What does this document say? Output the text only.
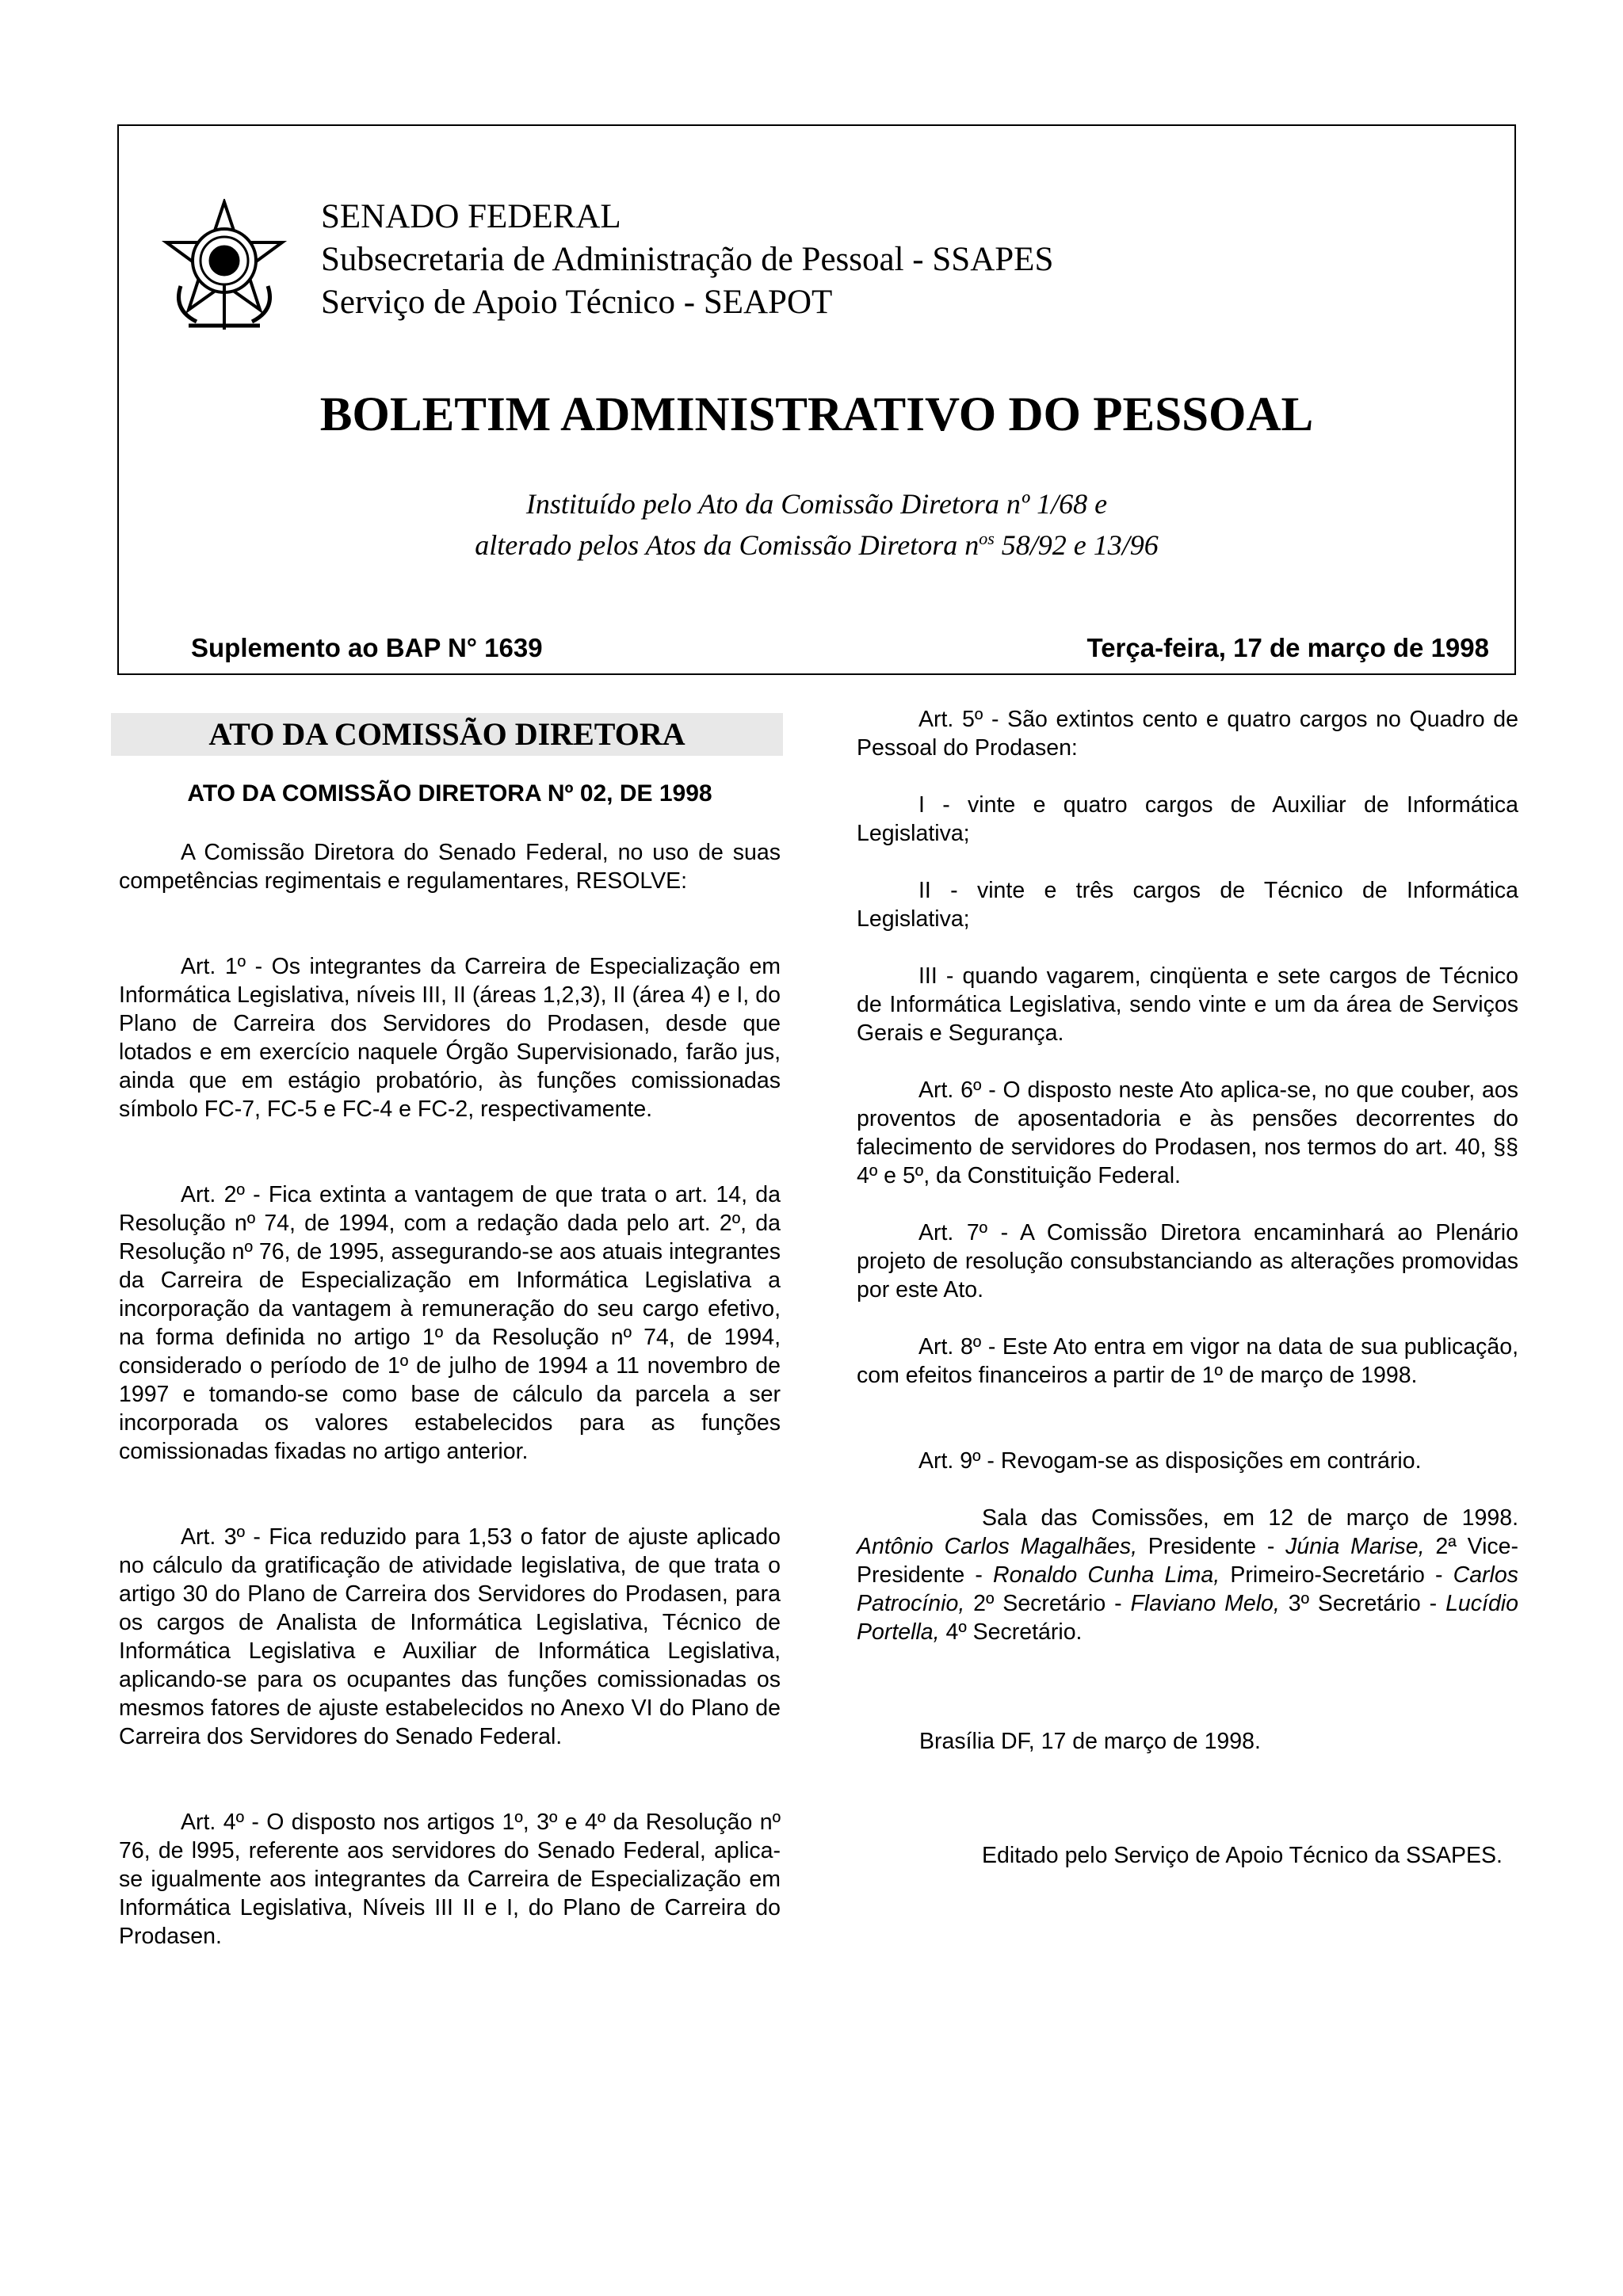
SENADO FEDERAL
Subsecretaria de Administração de Pessoal - SSAPES
Serviço de Apoio Técnico - SEAPOT
BOLETIM ADMINISTRATIVO DO PESSOAL
Instituído pelo Ato da Comissão Diretora nº 1/68 e
alterado pelos Atos da Comissão Diretora $n^{os}$ 58/92 e 13/96
Suplemento ao BAP N° 1639	Terça-feira, 17 de março de 1998
ATO DA COMISSÃO DIRETORA
ATO DA COMISSÃO DIRETORA Nº 02, DE 1998
A Comissão Diretora do Senado Federal, no uso de suas competências regimentais e regulamentares, RESOLVE:
Art. 1º - Os integrantes da Carreira de Especialização em Informática Legislativa, níveis III, II (áreas 1,2,3), II (área 4) e I, do Plano de Carreira dos Servidores do Prodasen, desde que lotados e em exercício naquele Órgão Supervisionado, farão jus, ainda que em estágio probatório, às funções comissionadas símbolo FC-7, FC-5 e FC-4 e FC-2, respectivamente.
Art. 2º - Fica extinta a vantagem de que trata o art. 14, da Resolução nº 74, de 1994, com a redação dada pelo art. 2º, da Resolução nº 76, de 1995, assegurando-se aos atuais integrantes da Carreira de Especialização em Informática Legislativa a incorporação da vantagem à remuneração do seu cargo efetivo, na forma definida no artigo 1º da Resolução nº 74, de 1994, considerado o período de 1º de julho de 1994 a 11 novembro de 1997 e tomando-se como base de cálculo da parcela a ser incorporada os valores estabelecidos para as funções comissionadas fixadas no artigo anterior.
Art. 3º - Fica reduzido para 1,53 o fator de ajuste aplicado no cálculo da gratificação de atividade legislativa, de que trata o artigo 30 do Plano de Carreira dos Servidores do Prodasen, para os cargos de Analista de Informática Legislativa, Técnico de Informática Legislativa e Auxiliar de Informática Legislativa, aplicando-se para os ocupantes das funções comissionadas os mesmos fatores de ajuste estabelecidos no Anexo VI do Plano de Carreira dos Servidores do Senado Federal.
Art. 4º - O disposto nos artigos 1º, 3º e 4º da Resolução nº 76, de l995, referente aos servidores do Senado Federal, aplica-se igualmente aos integrantes da Carreira de Especialização em Informática Legislativa, Níveis III II e I, do Plano de Carreira do Prodasen.
Art. 5º - São extintos cento e quatro cargos no Quadro de Pessoal do Prodasen:
I - vinte e quatro cargos de Auxiliar de Informática Legislativa;
II - vinte e três cargos de Técnico de Informática Legislativa;
III - quando vagarem, cinqüenta e sete cargos de Técnico de Informática Legislativa, sendo vinte e um da área de Serviços Gerais e Segurança.
Art. 6º - O disposto neste Ato aplica-se, no que couber, aos proventos de aposentadoria e às pensões decorrentes do falecimento de servidores do Prodasen, nos termos do art. 40, §§ 4º e 5º, da Constituição Federal.
Art. 7º - A Comissão Diretora encaminhará ao Plenário projeto de resolução consubstanciando as alterações promovidas por este Ato.
Art. 8º - Este Ato entra em vigor na data de sua publicação, com efeitos financeiros a partir de 1º de março de 1998.
Art. 9º - Revogam-se as disposições em contrário.
Sala das Comissões, em 12 de março de 1998. Antônio Carlos Magalhães, Presidente - Júnia Marise, 2ª Vice-Presidente - Ronaldo Cunha Lima, Primeiro-Secretário - Carlos Patrocínio, 2º Secretário - Flaviano Melo, 3º Secretário - Lucídio Portella, 4º Secretário.
Brasília DF, 17 de março de 1998.
Editado pelo Serviço de Apoio Técnico da SSAPES.
